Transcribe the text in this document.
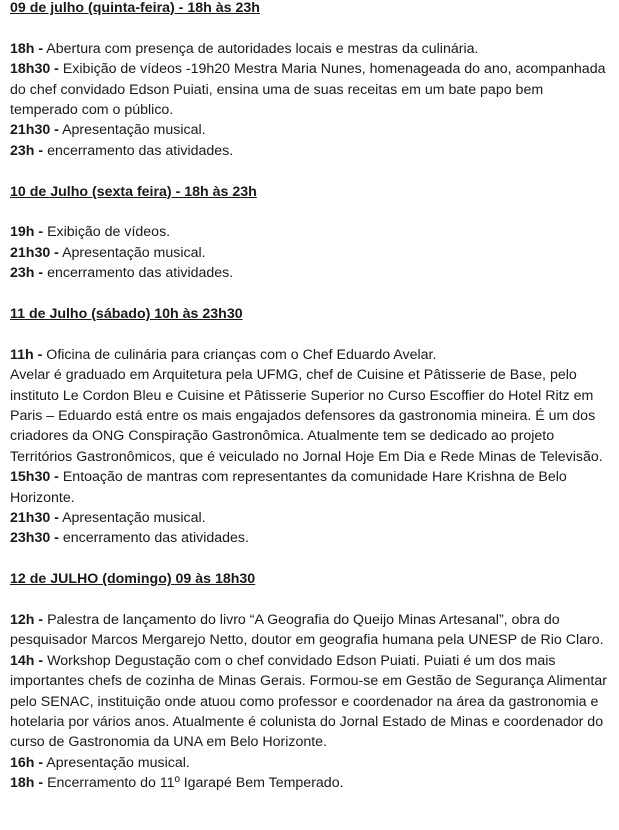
09 de julho (quinta-feira) - 18h às 23h

18h - Abertura com presença de autoridades locais e mestras da culinária.

18h30 - Exibição de vídeos -19h20 Mestra Maria Nunes, homenageada do ano, acompanhada do chef convidado Edson Puiati, ensina uma de suas receitas em um bate papo bem temperado com o público.

21h30 - Apresentação musical.

23h - encerramento das atividades.

10 de Julho (sexta feira) - 18h às 23h

19h - Exibição de vídeos.

21h30 - Apresentação musical.

23h - encerramento das atividades.

11 de Julho (sábado) 10h às 23h30

11h - Oficina de culinária para crianças com o Chef Eduardo Avelar.

Avelar é graduado em Arquitetura pela UFMG, chef de Cuisine et Pâtisserie de Base, pelo instituto Le Cordon Bleu e Cuisine et Pâtisserie Superior no Curso Escoffier do Hotel Ritz em Paris – Eduardo está entre os mais engajados defensores da gastronomia mineira. É um dos criadores da ONG Conspiração Gastronômica. Atualmente tem se dedicado ao projeto Territórios Gastronômicos, que é veiculado no Jornal Hoje Em Dia e Rede Minas de Televisão.

15h30 - Entoação de mantras com representantes da comunidade Hare Krishna de Belo Horizonte.

21h30 - Apresentação musical.

23h30 - encerramento das atividades.

12 de JULHO (domingo) 09 às 18h30

12h - Palestra de lançamento do livro “A Geografia do Queijo Minas Artesanal”, obra do pesquisador Marcos Mergarejo Netto, doutor em geografia humana pela UNESP de Rio Claro.

14h - Workshop Degustação com o chef convidado Edson Puiati. Puiati é um dos mais importantes chefs de cozinha de Minas Gerais. Formou-se em Gestão de Segurança Alimentar pelo SENAC, instituição onde atuou como professor e coordenador na área da gastronomia e hotelaria por vários anos. Atualmente é colunista do Jornal Estado de Minas e coordenador do curso de Gastronomia da UNA em Belo Horizonte.

16h - Apresentação musical.

18h - Encerramento do 11º Igarapé Bem Temperado.
